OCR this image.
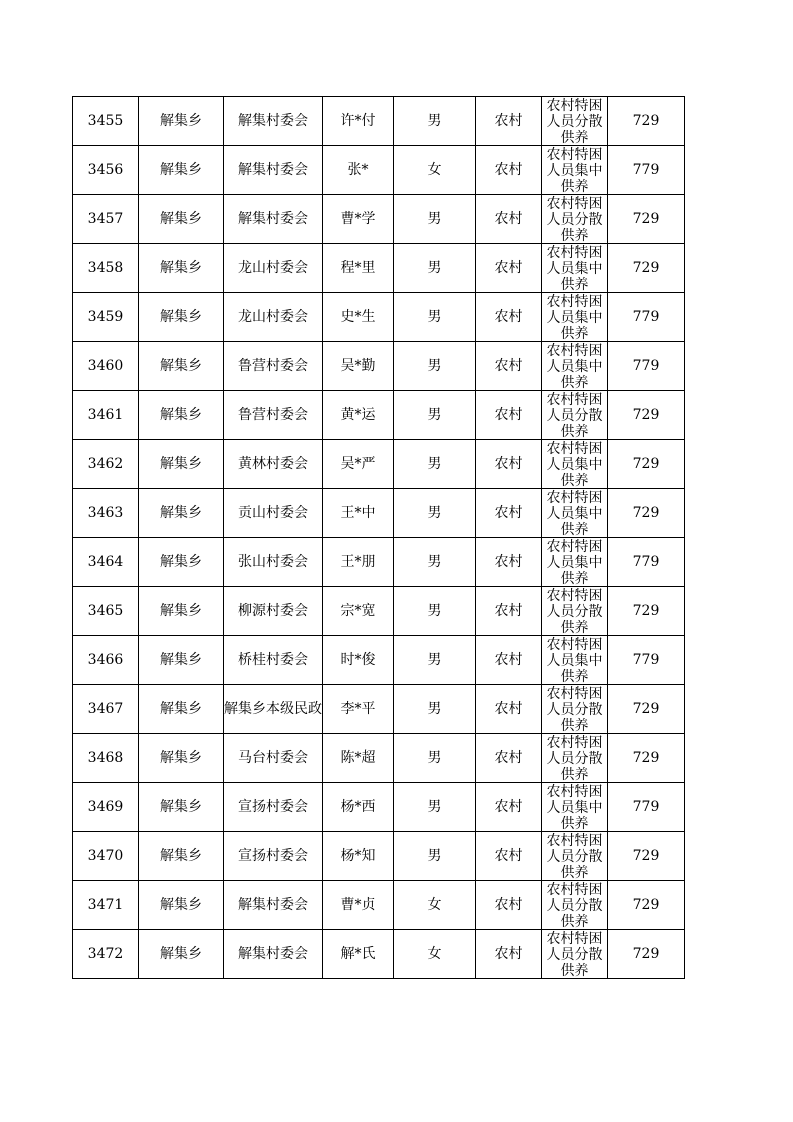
3455	解集乡	解集村委会	许*付	男	农村	农村特困人员分散供养	729
3456	解集乡	解集村委会	张*	女	农村	农村特困人员集中供养	779
3457	解集乡	解集村委会	曹*学	男	农村	农村特困人员分散供养	729
3458	解集乡	龙山村委会	程*里	男	农村	农村特困人员集中供养	729
3459	解集乡	龙山村委会	史*生	男	农村	农村特困人员集中供养	779
3460	解集乡	鲁营村委会	吴*勤	男	农村	农村特困人员集中供养	779
3461	解集乡	鲁营村委会	黄*运	男	农村	农村特困人员分散供养	729
3462	解集乡	黄林村委会	吴*严	男	农村	农村特困人员集中供养	729
3463	解集乡	贡山村委会	王*中	男	农村	农村特困人员集中供养	729
3464	解集乡	张山村委会	王*朋	男	农村	农村特困人员集中供养	779
3465	解集乡	柳源村委会	宗*宽	男	农村	农村特困人员分散供养	729
3466	解集乡	桥桂村委会	时*俊	男	农村	农村特困人员集中供养	779
3467	解集乡	解集乡本级民政	李*平	男	农村	农村特困人员分散供养	729
3468	解集乡	马台村委会	陈*超	男	农村	农村特困人员分散供养	729
3469	解集乡	宣扬村委会	杨*西	男	农村	农村特困人员集中供养	779
3470	解集乡	宣扬村委会	杨*知	男	农村	农村特困人员分散供养	729
3471	解集乡	解集村委会	曹*贞	女	农村	农村特困人员分散供养	729
3472	解集乡	解集村委会	解*氏	女	农村	农村特困人员分散供养	729
